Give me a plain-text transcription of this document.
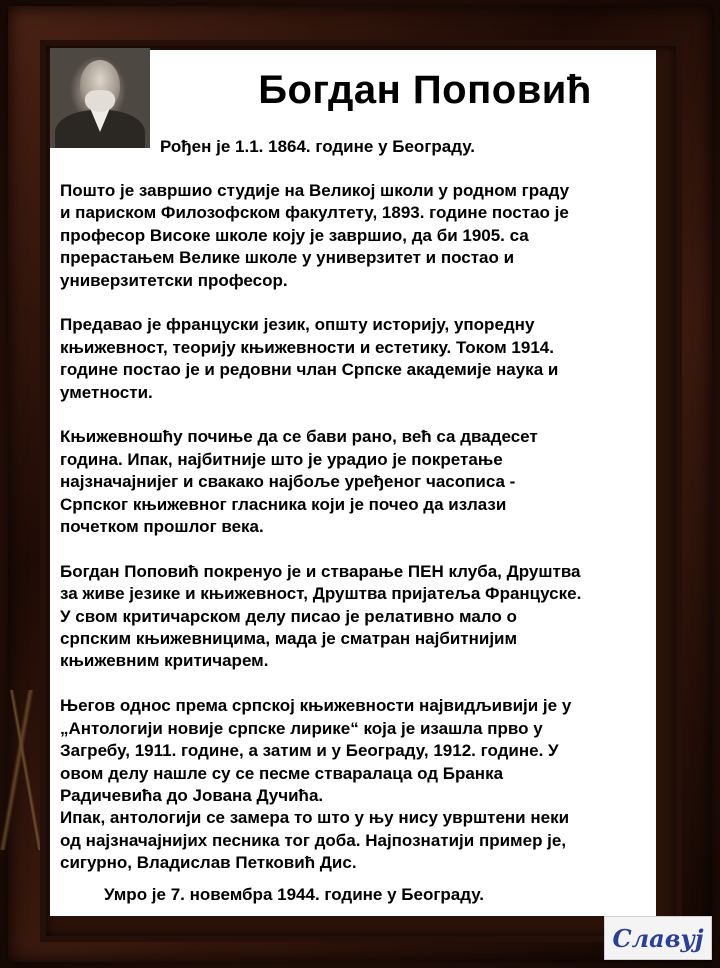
Богдан Поповић

Рођен је 1.1. 1864. године у Београду.

Пошто је завршио студије на Великој школи у родном граду
и париском Филозофском факултету, 1893. године постао је
професор Високе школе коју је завршио, да би 1905. са
прерастањем Велике школе у универзитет и постао и
универзитетски професор.

Предавао је француски језик, општу историју, упоредну
књижевност, теорију књижевности и естетику. Током 1914.
године постао је и редовни члан Српске академије наука и
уметности.

Књижевношћу почиње да се бави рано, већ са двадесет
година. Ипак, најбитније што је урадио је покретање
најзначајнијег и свакако најбоље уређеног часописа -
Српског књижевног гласника који је почео да излази
почетком прошлог века.

Богдан Поповић покренуо је и стварање ПЕН клуба, Друштва
за живе језике и књижевност, Друштва пријатеља Француске.
У свом критичарском делу писао је релативно мало о
српским књижевницима, мада је сматран најбитнијим
књижевним критичарем.

Његов однос према српској књижевности највидљивији је у
„Антологији новије српске лирике“ која је изашла прво у
Загребу, 1911. године, а затим и у Београду, 1912. године. У
овом делу нашле су се песме стваралаца од Бранка
Радичевића до Јована Дучића.
Ипак, антологији се замера то што у њу нису уврштени неки
од најзначајнијих песника тог доба. Најпознатији пример је,
сигурно, Владислав Петковић Дис.

Умро је 7. новембра 1944. године у Београду.

Славуј
